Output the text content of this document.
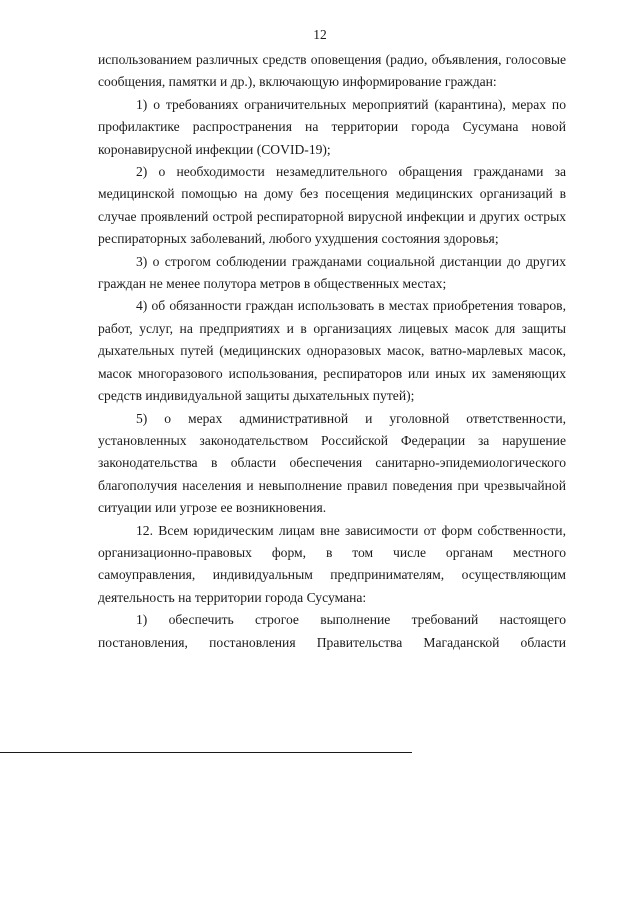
12

использованием различных средств оповещения (радио, объявления, голосовые сообщения, памятки и др.), включающую информирование граждан:

1) о требованиях ограничительных мероприятий (карантина), мерах по профилактике распространения на территории города Сусумана новой коронавирусной инфекции (COVID-19);

2) о необходимости незамедлительного обращения гражданами за медицинской помощью на дому без посещения медицинских организаций в случае проявлений острой респираторной вирусной инфекции и других острых респираторных заболеваний, любого ухудшения состояния здоровья;

3) о строгом соблюдении гражданами социальной дистанции до других граждан не менее полутора метров в общественных местах;

4) об обязанности граждан использовать в местах приобретения товаров, работ, услуг, на предприятиях и в организациях лицевых масок для защиты дыхательных путей (медицинских одноразовых масок, ватно-марлевых масок, масок многоразового использования, респираторов или иных их заменяющих средств индивидуальной защиты дыхательных путей);

5) о мерах административной и уголовной ответственности, установленных законодательством Российской Федерации за нарушение законодательства в области обеспечения санитарно-эпидемиологического благополучия населения и невыполнение правил поведения при чрезвычайной ситуации или угрозе ее возникновения.

12. Всем юридическим лицам вне зависимости от форм собственности, организационно-правовых форм, в том числе органам местного самоуправления, индивидуальным предпринимателям, осуществляющим деятельность на территории города Сусумана:

1) обеспечить строгое выполнение требований настоящего постановления, постановления Правительства Магаданской области
